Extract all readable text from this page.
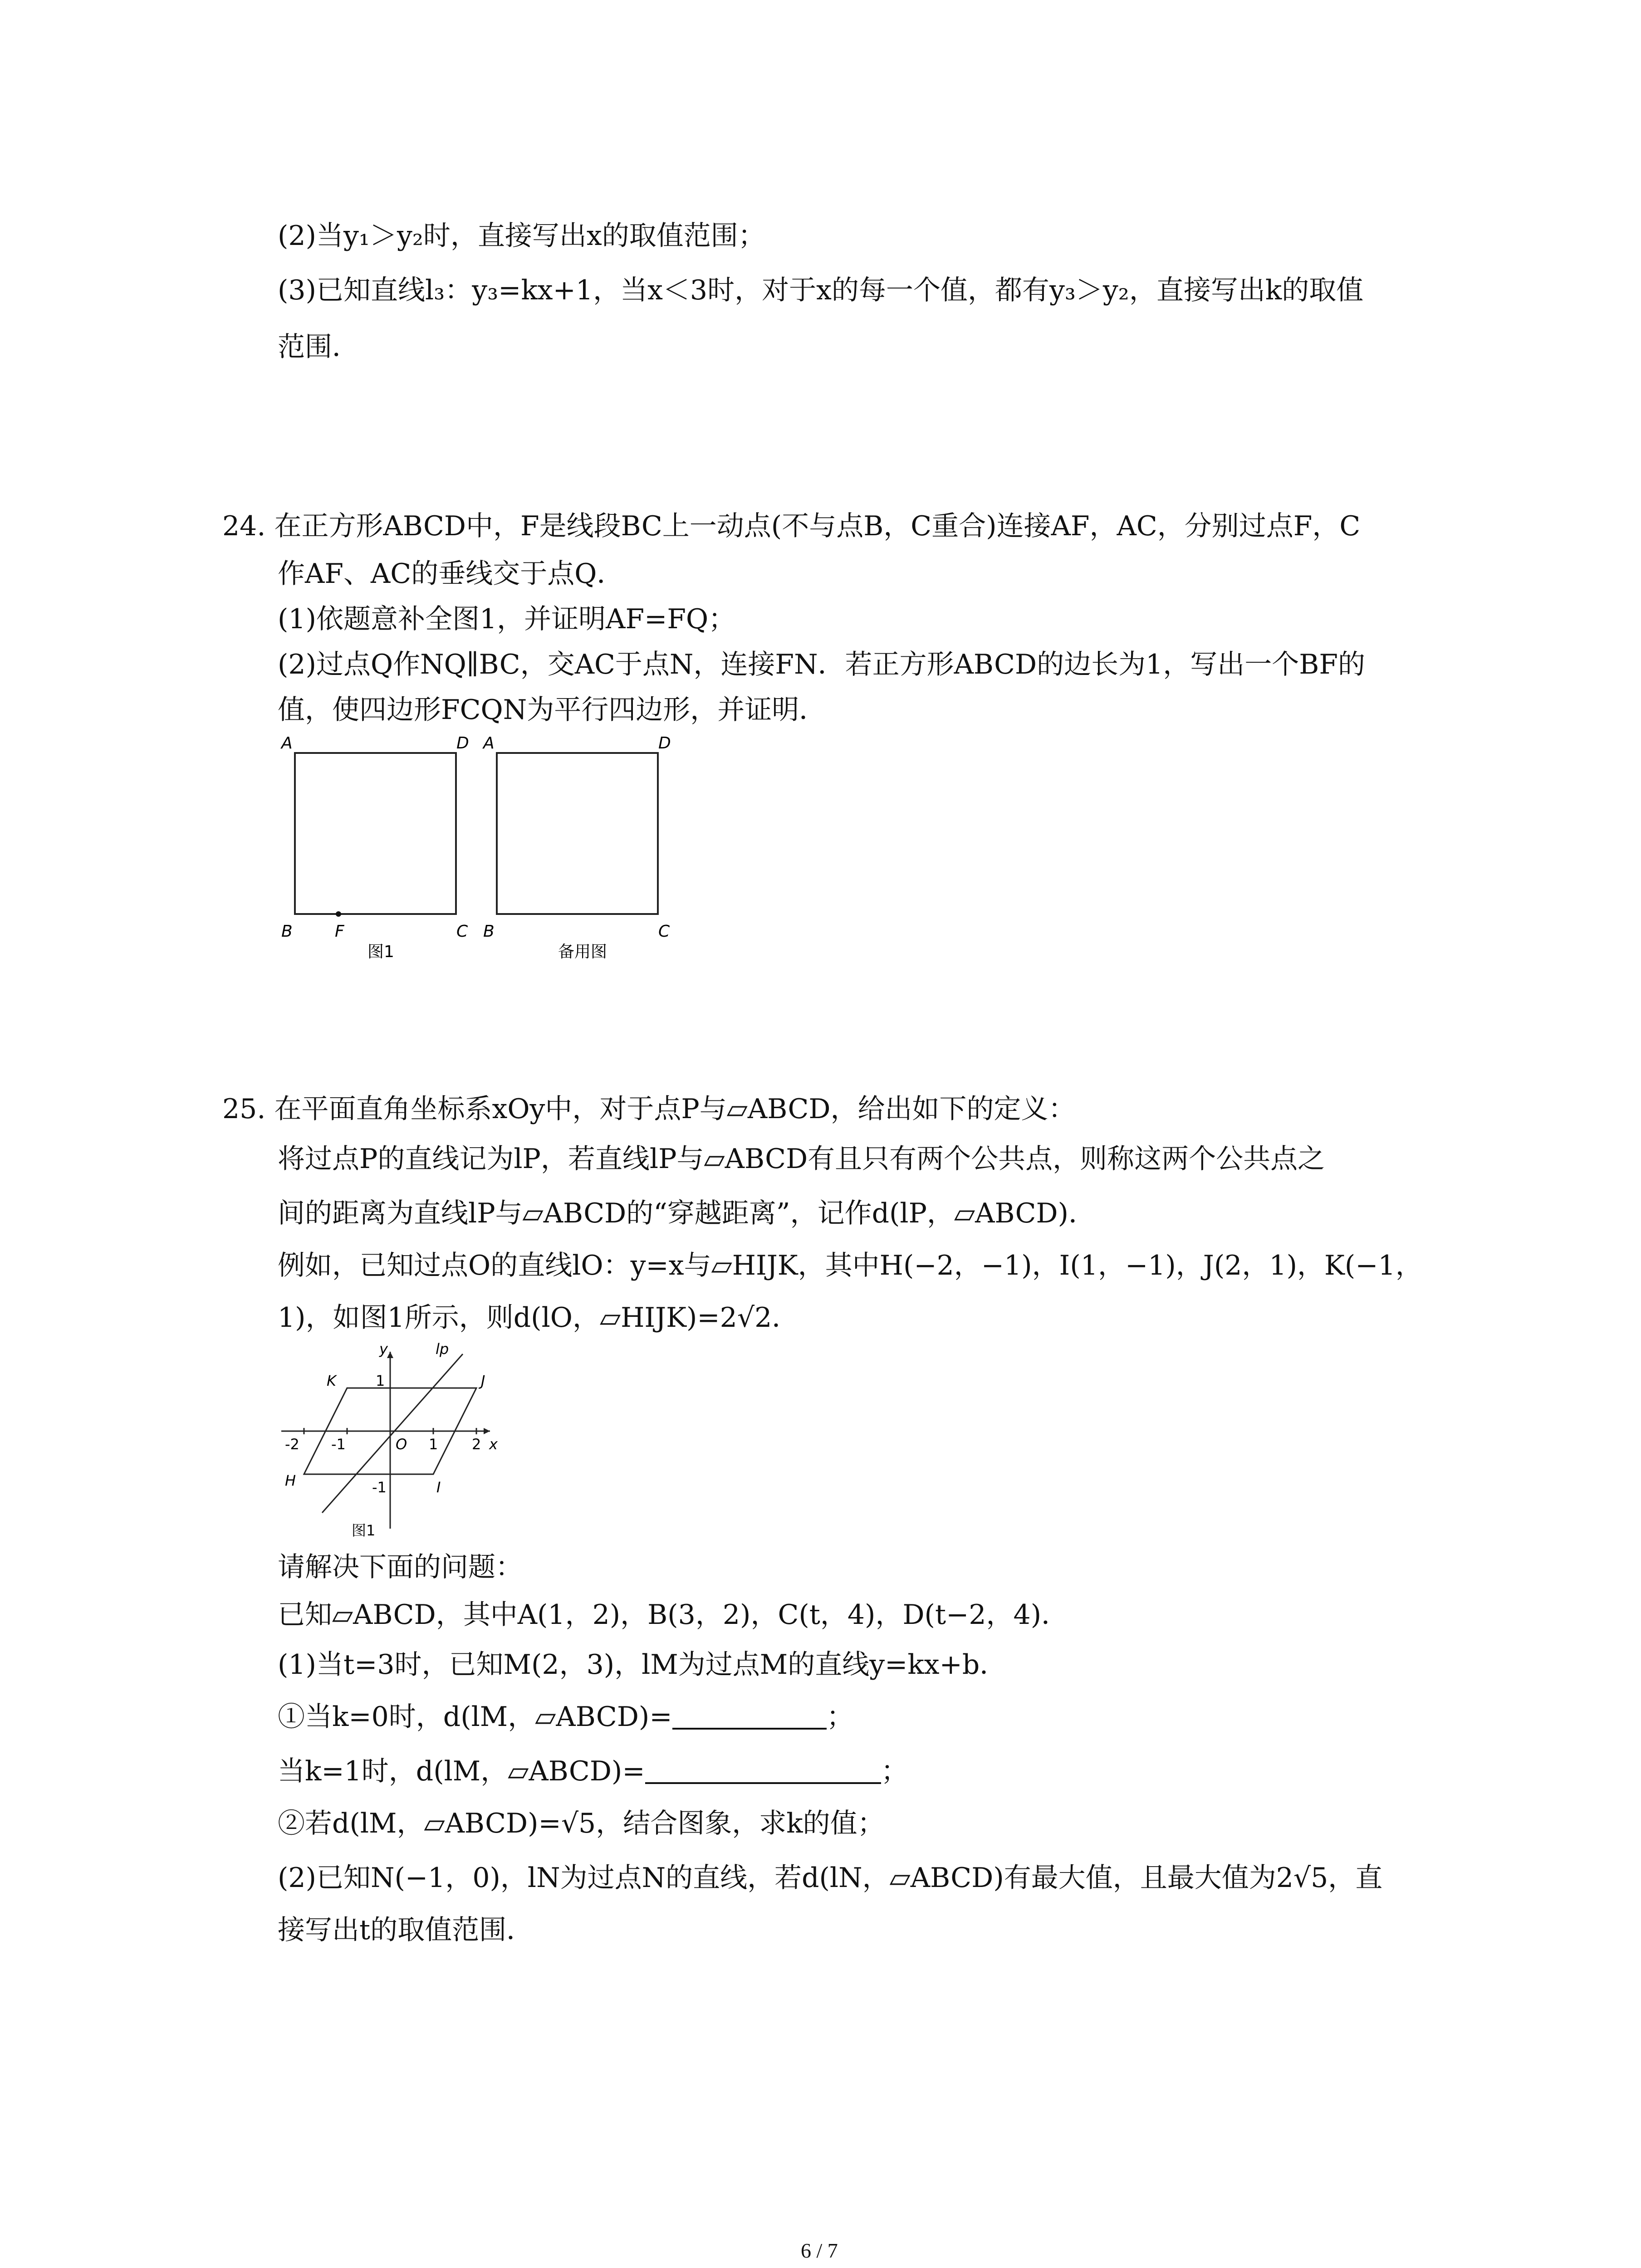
(2)当y₁＞y₂时，直接写出x的取值范围；
(3)已知直线l₃：y₃=kx+1，当x＜3时，对于x的每一个值，都有y₃＞y₂，直接写出k的取值
范围．
24. 在正方形ABCD中，F是线段BC上一动点(不与点B，C重合)连接AF，AC，分别过点F，C
作AF、AC的垂线交于点Q．
(1)依题意补全图1，并证明AF=FQ；
(2)过点Q作NQ∥BC，交AC于点N，连接FN．若正方形ABCD的边长为1，写出一个BF的
值，使四边形FCQN为平行四边形，并证明．
A	D
B	F	C
图1
A	D
B	C
备用图
25. 在平面直角坐标系xOy中，对于点P与▱ABCD，给出如下的定义：
将过点P的直线记为lP，若直线lP与▱ABCD有且只有两个公共点，则称这两个公共点之
间的距离为直线lP与▱ABCD的“穿越距离”，记作d(lP，▱ABCD)．
例如，已知过点O的直线lO：y=x与▱HIJK，其中H(−2，−1)，I(1，−1)，J(2，1)，K(−1，
1)，如图1所示，则d(lO，▱HIJK)=2√2．
y	lp
1
K	J
-2 -1	O 1 2 x
H	-1	I
图1
请解决下面的问题：
已知▱ABCD，其中A(1，2)，B(3，2)，C(t，4)，D(t−2，4)．
(1)当t=3时，已知M(2，3)，lM为过点M的直线y=kx+b．
①当k=0时，d(lM，▱ABCD)=	；
当k=1时，d(lM，▱ABCD)=	；
②若d(lM，▱ABCD)=√5，结合图象，求k的值；
(2)已知N(−1，0)，lN为过点N的直线，若d(lN，▱ABCD)有最大值，且最大值为2√5，直
接写出t的取值范围．
6 / 7
